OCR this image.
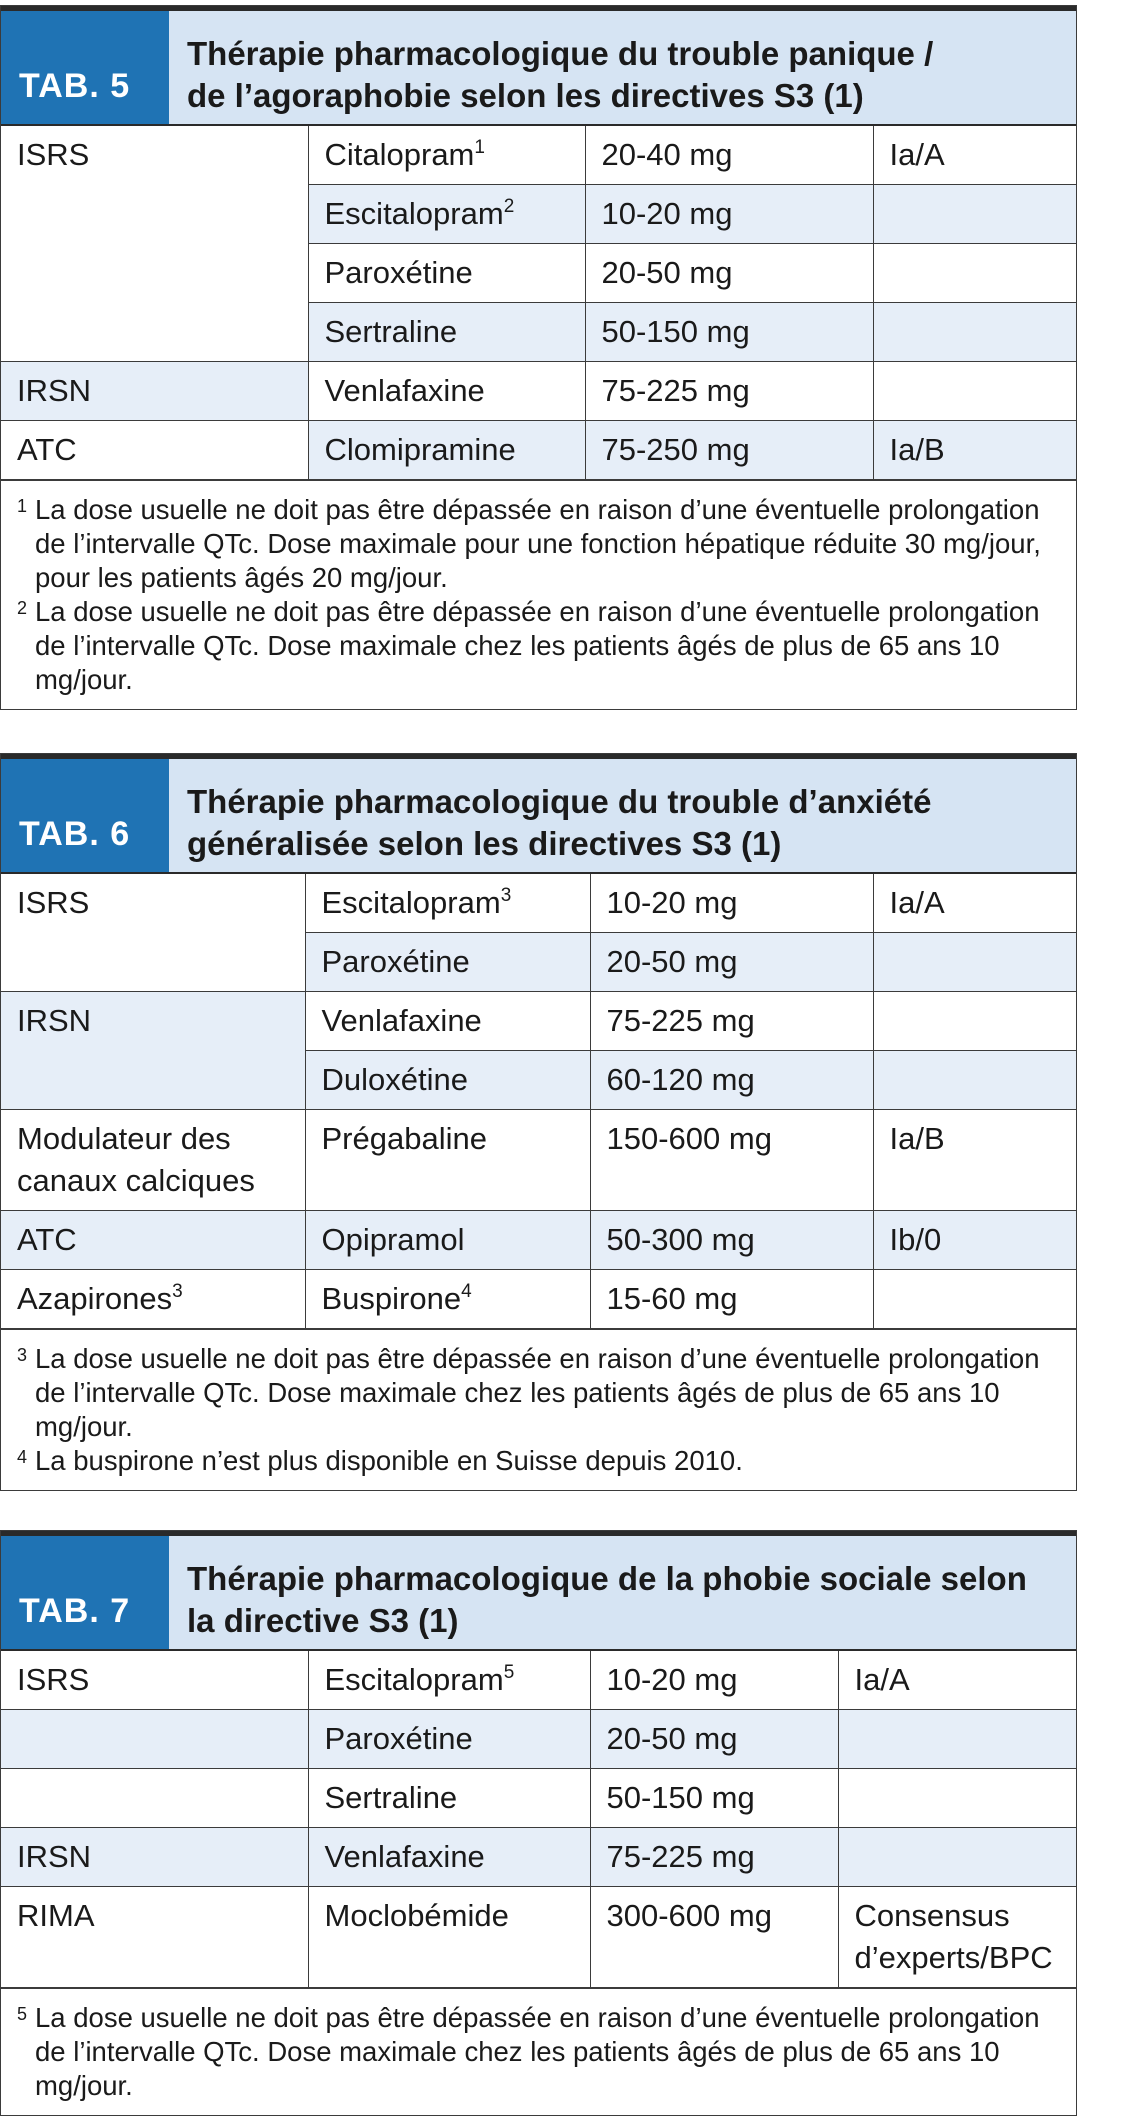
TAB. 5
Thérapie pharmacologique du trouble panique /
de l’agoraphobie selon les directives S3 (1)
ISRS	Citalopram$^1$	20-40 mg	Ia/A
	Escitalopram$^2$	10-20 mg	
	Paroxétine	20-50 mg	
	Sertraline	50-150 mg	
IRSN	Venlafaxine	75-225 mg	
ATC	Clomipramine	75-250 mg	Ia/B
1 La dose usuelle ne doit pas être dépassée en raison d’une éventuelle prolongation de l’intervalle QTc. Dose maximale pour une fonction hépatique réduite 30 mg/jour, pour les patients âgés 20 mg/jour.
2 La dose usuelle ne doit pas être dépassée en raison d’une éventuelle prolongation de l’intervalle QTc. Dose maximale chez les patients âgés de plus de 65 ans 10 mg/jour.
TAB. 6
Thérapie pharmacologique du trouble d’anxiété
généralisée selon les directives S3 (1)
ISRS	Escitalopram$^3$	10-20 mg	Ia/A
	Paroxétine	20-50 mg	
IRSN	Venlafaxine	75-225 mg	
	Duloxétine	60-120 mg	
Modulateur des canaux calciques	Prégabaline	150-600 mg	Ia/B
ATC	Opipramol	50-300 mg	Ib/0
Azapirones$^3$	Buspirone$^4$	15-60 mg	
3 La dose usuelle ne doit pas être dépassée en raison d’une éventuelle prolongation de l’intervalle QTc. Dose maximale chez les patients âgés de plus de 65 ans 10 mg/jour.
4 La buspirone n’est plus disponible en Suisse depuis 2010.
TAB. 7
Thérapie pharmacologique de la phobie sociale selon
la directive S3 (1)
ISRS	Escitalopram$^5$	10-20 mg	Ia/A
	Paroxétine	20-50 mg	
	Sertraline	50-150 mg	
IRSN	Venlafaxine	75-225 mg	
RIMA	Moclobémide	300-600 mg	Consensus d’experts/BPC
5 La dose usuelle ne doit pas être dépassée en raison d’une éventuelle prolongation de l’intervalle QTc. Dose maximale chez les patients âgés de plus de 65 ans 10 mg/jour.
